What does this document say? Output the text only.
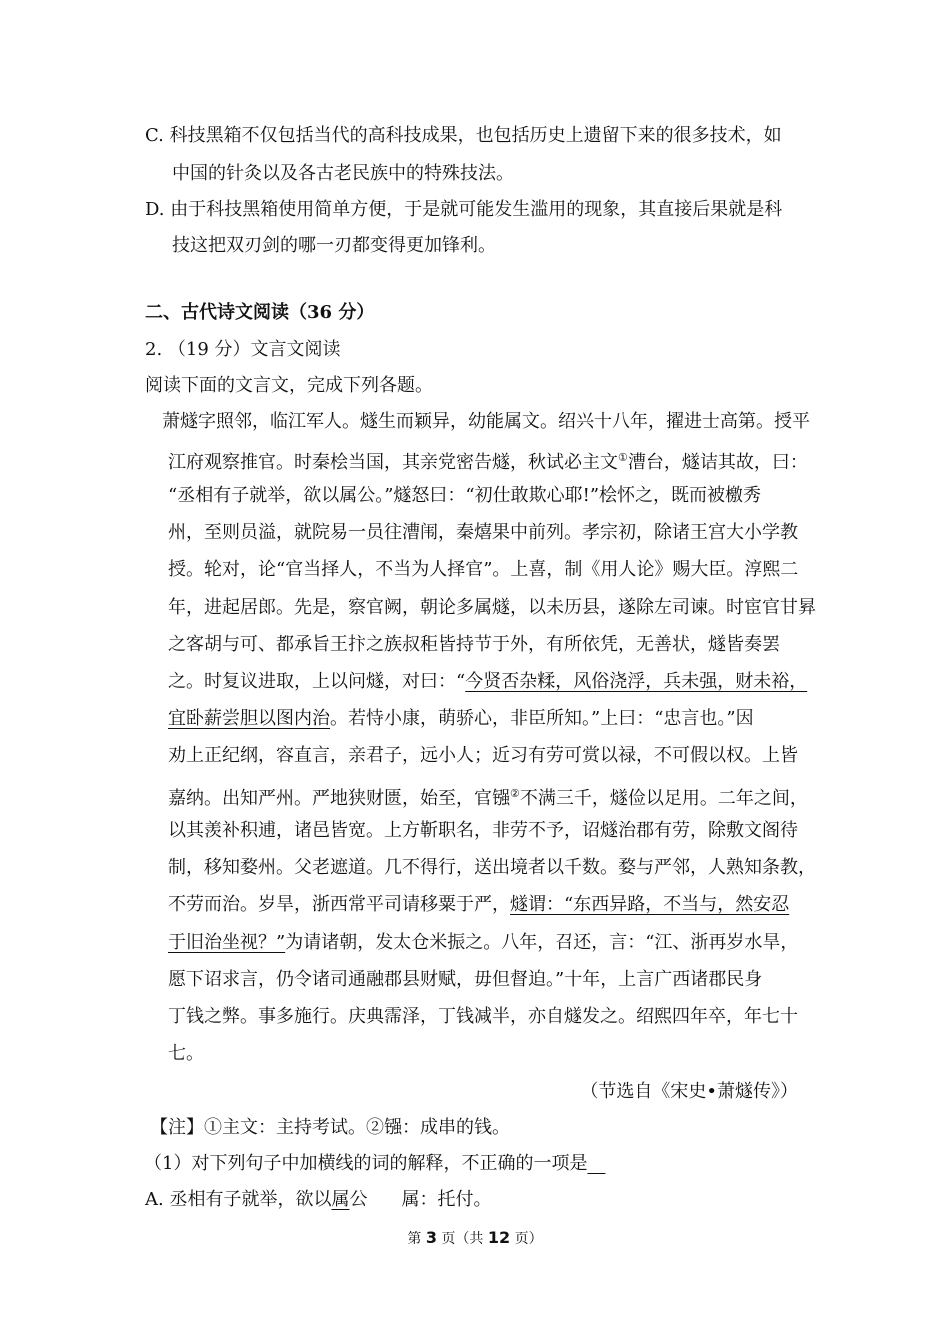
C. 科技黑箱不仅包括当代的高科技成果，也包括历史上遗留下来的很多技术，如
中国的针灸以及各古老民族中的特殊技法。
D. 由于科技黑箱使用简单方便，于是就可能发生滥用的现象，其直接后果就是科
技这把双刃剑的哪一刃都变得更加锋利。
二、古代诗文阅读（36 分）
2. （19 分）文言文阅读
阅读下面的文言文，完成下列各题。
萧燧字照邻，临江军人。燧生而颖异，幼能属文。绍兴十八年，擢进士高第。授平
江府观察推官。时秦桧当国，其亲党密告燧，秋试必主文①漕台，燧诘其故，曰：
“丞相有子就举，欲以属公。”燧怒曰：“初仕敢欺心耶!”桧怀之，既而被檄秀
州，至则员溢，就院易一员往漕闱，秦熺果中前列。孝宗初，除诸王宫大小学教
授。轮对，论“官当择人，不当为人择官”。上喜，制《用人论》赐大臣。淳熙二
年，进起居郎。先是，察官阙，朝论多属燧，以未历县，遂除左司谏。时宦官甘昪
之客胡与可、都承旨王抃之族叔秬皆持节于外，有所依凭，无善状，燧皆奏罢
之。时复议进取，上以问燧，对曰：“今贤否杂糅，风俗浇浮，兵未强，财未裕，
宜卧薪尝胆以图内治。若恃小康，萌骄心，非臣所知。”上曰：“忠言也。”因
劝上正纪纲，容直言，亲君子，远小人；近习有劳可赏以禄，不可假以权。上皆
嘉纳。出知严州。严地狭财匮，始至，官镪②不满三千，燧俭以足用。二年之间，
以其羡补积逋，诸邑皆宽。上方靳职名，非劳不予，诏燧治郡有劳，除敷文阁待
制，移知婺州。父老遮道。几不得行，送出境者以千数。婺与严邻，人熟知条教，
不劳而治。岁旱，浙西常平司请移粟于严，燧谓：“东西异路，不当与，然安忍
于旧治坐视？”为请诸朝，发太仓米振之。八年，召还，言：“江、浙再岁水旱，
愿下诏求言，仍令诸司通融郡县财赋，毋但督迫。”十年，上言广西诸郡民身
丁钱之弊。事多施行。庆典霈泽，丁钱减半，亦自燧发之。绍熙四年卒，年七十
七。
（节选自《宋史•萧燧传》）
【注】①主文：主持考试。②镪：成串的钱。
（1）对下列句子中加横线的词的解释，不正确的一项是　
A. 丞相有子就举，欲以属公 属：托付。
第 3 页（共 12 页）
